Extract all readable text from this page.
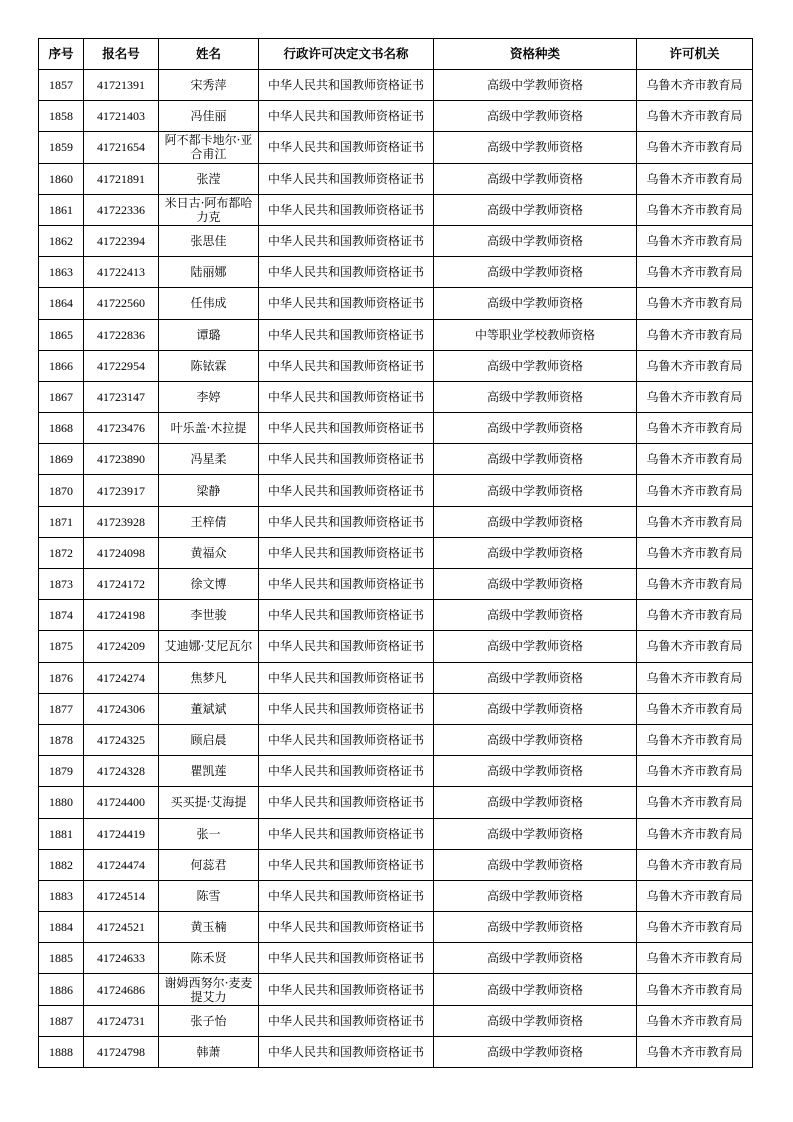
序号	报名号	姓名	行政许可决定文书名称	资格种类	许可机关
1857	41721391	宋秀萍	中华人民共和国教师资格证书	高级中学教师资格	乌鲁木齐市教育局
1858	41721403	冯佳丽	中华人民共和国教师资格证书	高级中学教师资格	乌鲁木齐市教育局
1859	41721654	阿不都卡地尔·亚合甫江	中华人民共和国教师资格证书	高级中学教师资格	乌鲁木齐市教育局
1860	41721891	张滢	中华人民共和国教师资格证书	高级中学教师资格	乌鲁木齐市教育局
1861	41722336	米日古·阿布都哈力克	中华人民共和国教师资格证书	高级中学教师资格	乌鲁木齐市教育局
1862	41722394	张思佳	中华人民共和国教师资格证书	高级中学教师资格	乌鲁木齐市教育局
1863	41722413	陆丽娜	中华人民共和国教师资格证书	高级中学教师资格	乌鲁木齐市教育局
1864	41722560	任伟成	中华人民共和国教师资格证书	高级中学教师资格	乌鲁木齐市教育局
1865	41722836	谭璐	中华人民共和国教师资格证书	中等职业学校教师资格	乌鲁木齐市教育局
1866	41722954	陈铱霖	中华人民共和国教师资格证书	高级中学教师资格	乌鲁木齐市教育局
1867	41723147	李婷	中华人民共和国教师资格证书	高级中学教师资格	乌鲁木齐市教育局
1868	41723476	叶乐盖·木拉提	中华人民共和国教师资格证书	高级中学教师资格	乌鲁木齐市教育局
1869	41723890	冯星柔	中华人民共和国教师资格证书	高级中学教师资格	乌鲁木齐市教育局
1870	41723917	梁静	中华人民共和国教师资格证书	高级中学教师资格	乌鲁木齐市教育局
1871	41723928	王梓倩	中华人民共和国教师资格证书	高级中学教师资格	乌鲁木齐市教育局
1872	41724098	黄福众	中华人民共和国教师资格证书	高级中学教师资格	乌鲁木齐市教育局
1873	41724172	徐文博	中华人民共和国教师资格证书	高级中学教师资格	乌鲁木齐市教育局
1874	41724198	李世骏	中华人民共和国教师资格证书	高级中学教师资格	乌鲁木齐市教育局
1875	41724209	艾迪娜·艾尼瓦尔	中华人民共和国教师资格证书	高级中学教师资格	乌鲁木齐市教育局
1876	41724274	焦梦凡	中华人民共和国教师资格证书	高级中学教师资格	乌鲁木齐市教育局
1877	41724306	董斌斌	中华人民共和国教师资格证书	高级中学教师资格	乌鲁木齐市教育局
1878	41724325	顾启晨	中华人民共和国教师资格证书	高级中学教师资格	乌鲁木齐市教育局
1879	41724328	瞿凯莲	中华人民共和国教师资格证书	高级中学教师资格	乌鲁木齐市教育局
1880	41724400	买买提·艾海提	中华人民共和国教师资格证书	高级中学教师资格	乌鲁木齐市教育局
1881	41724419	张一	中华人民共和国教师资格证书	高级中学教师资格	乌鲁木齐市教育局
1882	41724474	何蕊君	中华人民共和国教师资格证书	高级中学教师资格	乌鲁木齐市教育局
1883	41724514	陈雪	中华人民共和国教师资格证书	高级中学教师资格	乌鲁木齐市教育局
1884	41724521	黄玉楠	中华人民共和国教师资格证书	高级中学教师资格	乌鲁木齐市教育局
1885	41724633	陈禾贤	中华人民共和国教师资格证书	高级中学教师资格	乌鲁木齐市教育局
1886	41724686	谢姆西努尔·麦麦提艾力	中华人民共和国教师资格证书	高级中学教师资格	乌鲁木齐市教育局
1887	41724731	张子怡	中华人民共和国教师资格证书	高级中学教师资格	乌鲁木齐市教育局
1888	41724798	韩萧	中华人民共和国教师资格证书	高级中学教师资格	乌鲁木齐市教育局
